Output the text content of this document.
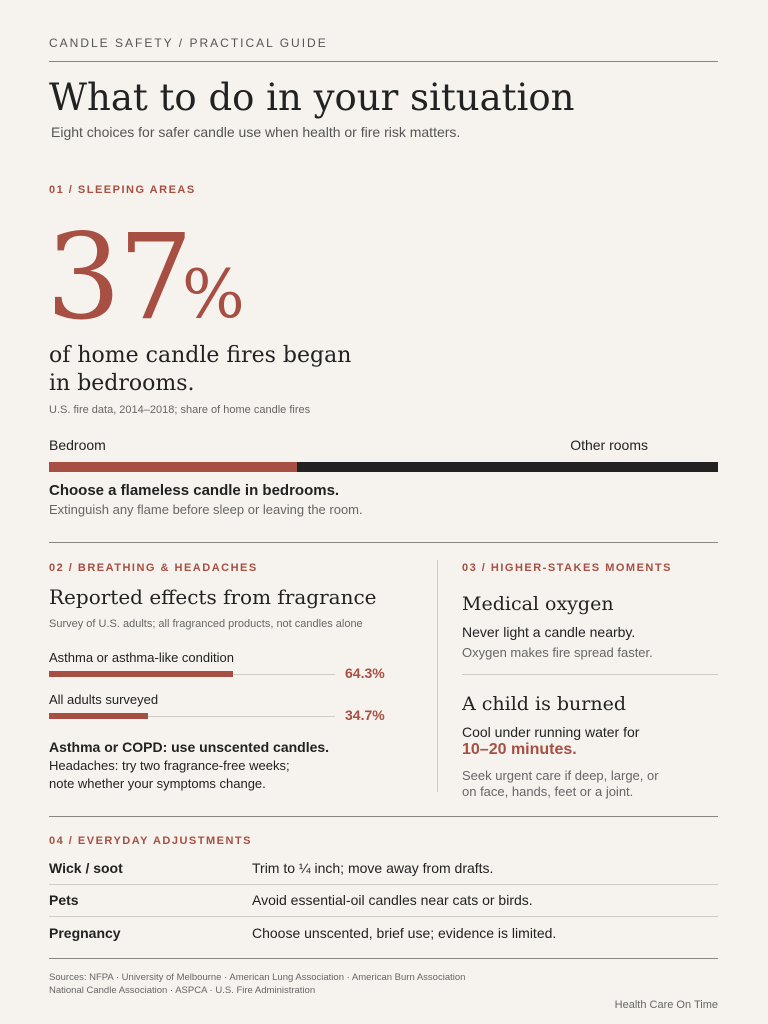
CANDLE SAFETY / PRACTICAL GUIDE
What to do in your situation
Eight choices for safer candle use when health or fire risk matters.
01 / SLEEPING AREAS
37
%
of home candle fires began
in bedrooms.
U.S. fire data, 2014–2018; share of home candle fires
Bedroom	Other rooms
Choose a flameless candle in bedrooms.
Extinguish any flame before sleep or leaving the room.
02 / BREATHING & HEADACHES
Reported effects from fragrance
Survey of U.S. adults; all fragranced products, not candles alone
Asthma or asthma-like condition
64.3%
All adults surveyed
34.7%
Asthma or COPD: use unscented candles.
Headaches: try two fragrance-free weeks;
note whether your symptoms change.
03 / HIGHER-STAKES MOMENTS
Medical oxygen
Never light a candle nearby.
Oxygen makes fire spread faster.
A child is burned
Cool under running water for
10–20 minutes.
Seek urgent care if deep, large, or
on face, hands, feet or a joint.
04 / EVERYDAY ADJUSTMENTS
Wick / soot	Trim to ¼ inch; move away from drafts.
Pets	Avoid essential-oil candles near cats or birds.
Pregnancy	Choose unscented, brief use; evidence is limited.
Sources: NFPA · University of Melbourne · American Lung Association · American Burn Association
National Candle Association · ASPCA · U.S. Fire Administration
Health Care On Time
